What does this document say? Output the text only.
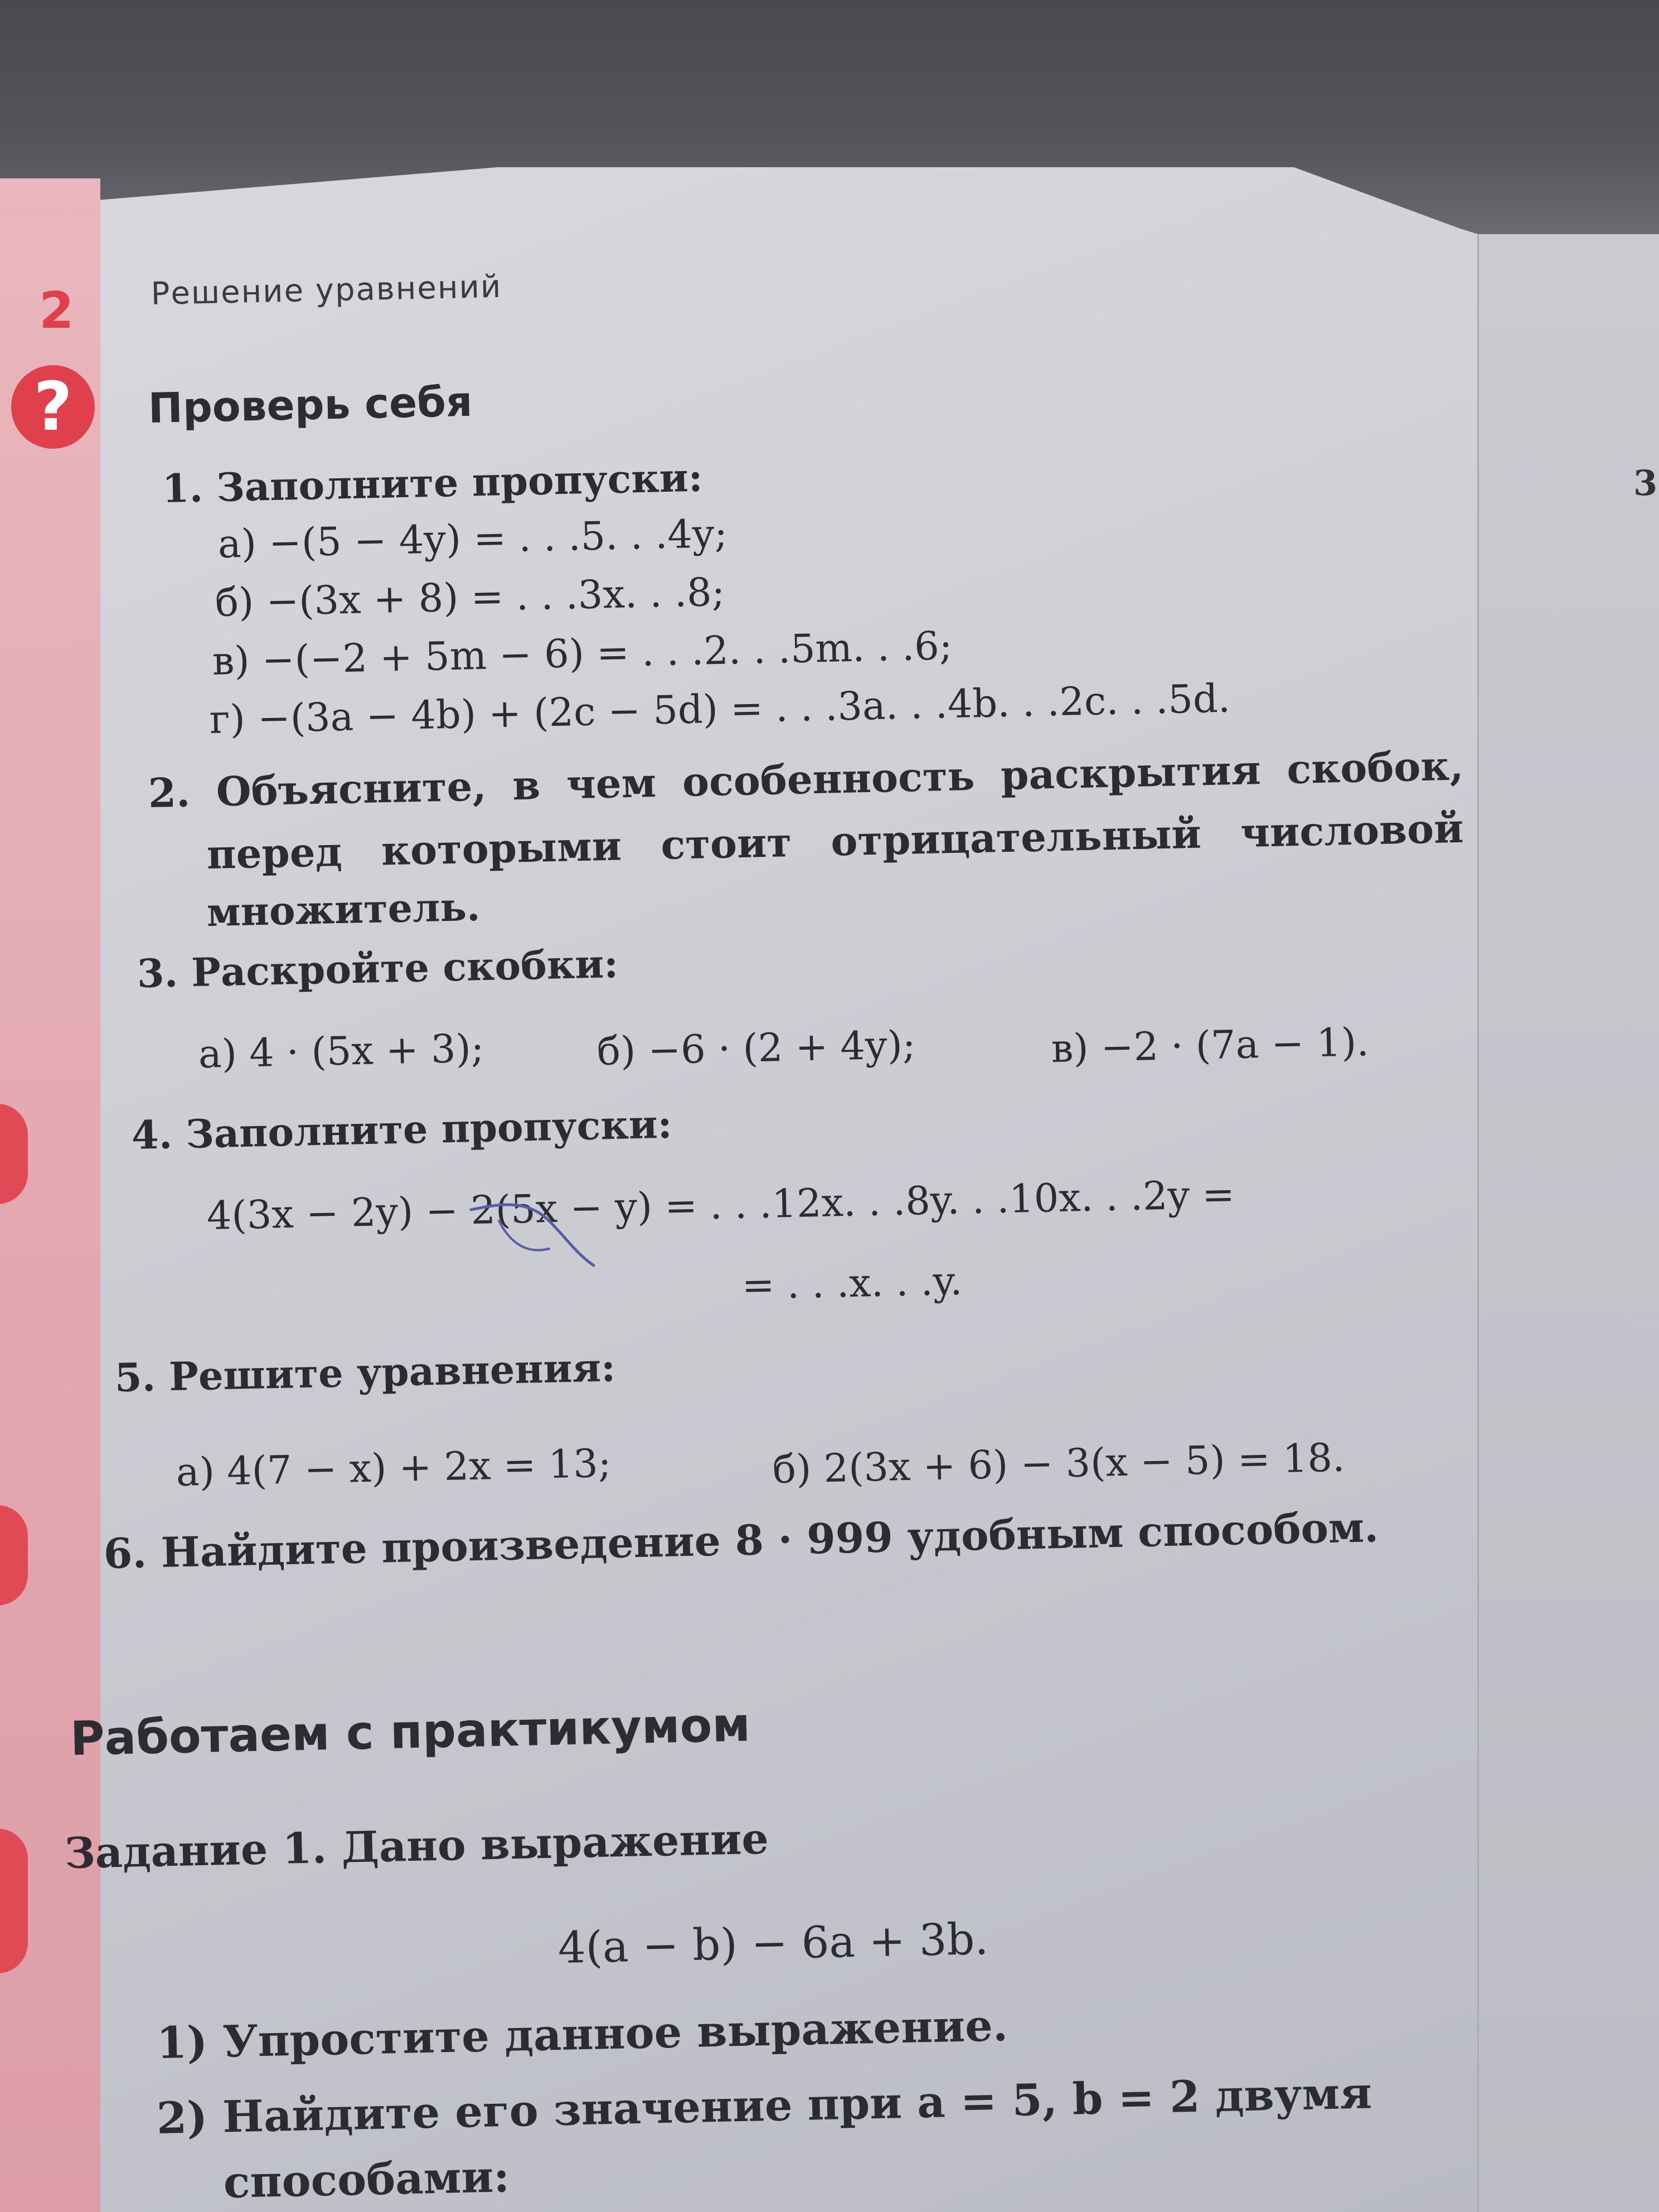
2 Решение уравнений
3
? Проверь себя
1. Заполните пропуски:
а) −(5 − 4y) = . . .5. . .4y;
б) −(3x + 8) = . . .3x. . .8;
в) −(−2 + 5m − 6) = . . .2. . .5m. . .6;
г) −(3a − 4b) + (2c − 5d) = . . .3a. . .4b. . .2c. . .5d.
2. Объясните, в чем особенность раскрытия скобок,
перед которыми стоит отрицательный числовой
множитель.
3. Раскройте скобки:
а) 4 · (5x + 3);	б) −6 · (2 + 4y);	в) −2 · (7a − 1).
4. Заполните пропуски:
4(3x − 2y) − 2(5x − y) = . . .12x. . .8y. . .10x. . .2y =
= . . .x. . .y.
5. Решите уравнения:
а) 4(7 − x) + 2x = 13;	б) 2(3x + 6) − 3(x − 5) = 18.
6. Найдите произведение 8 · 999 удобным способом.
Работаем с практикумом
Задание 1. Дано выражение
4(a − b) − 6a + 3b.
1) Упростите данное выражение.
2) Найдите его значение при a = 5, b = 2 двумя
способами:
